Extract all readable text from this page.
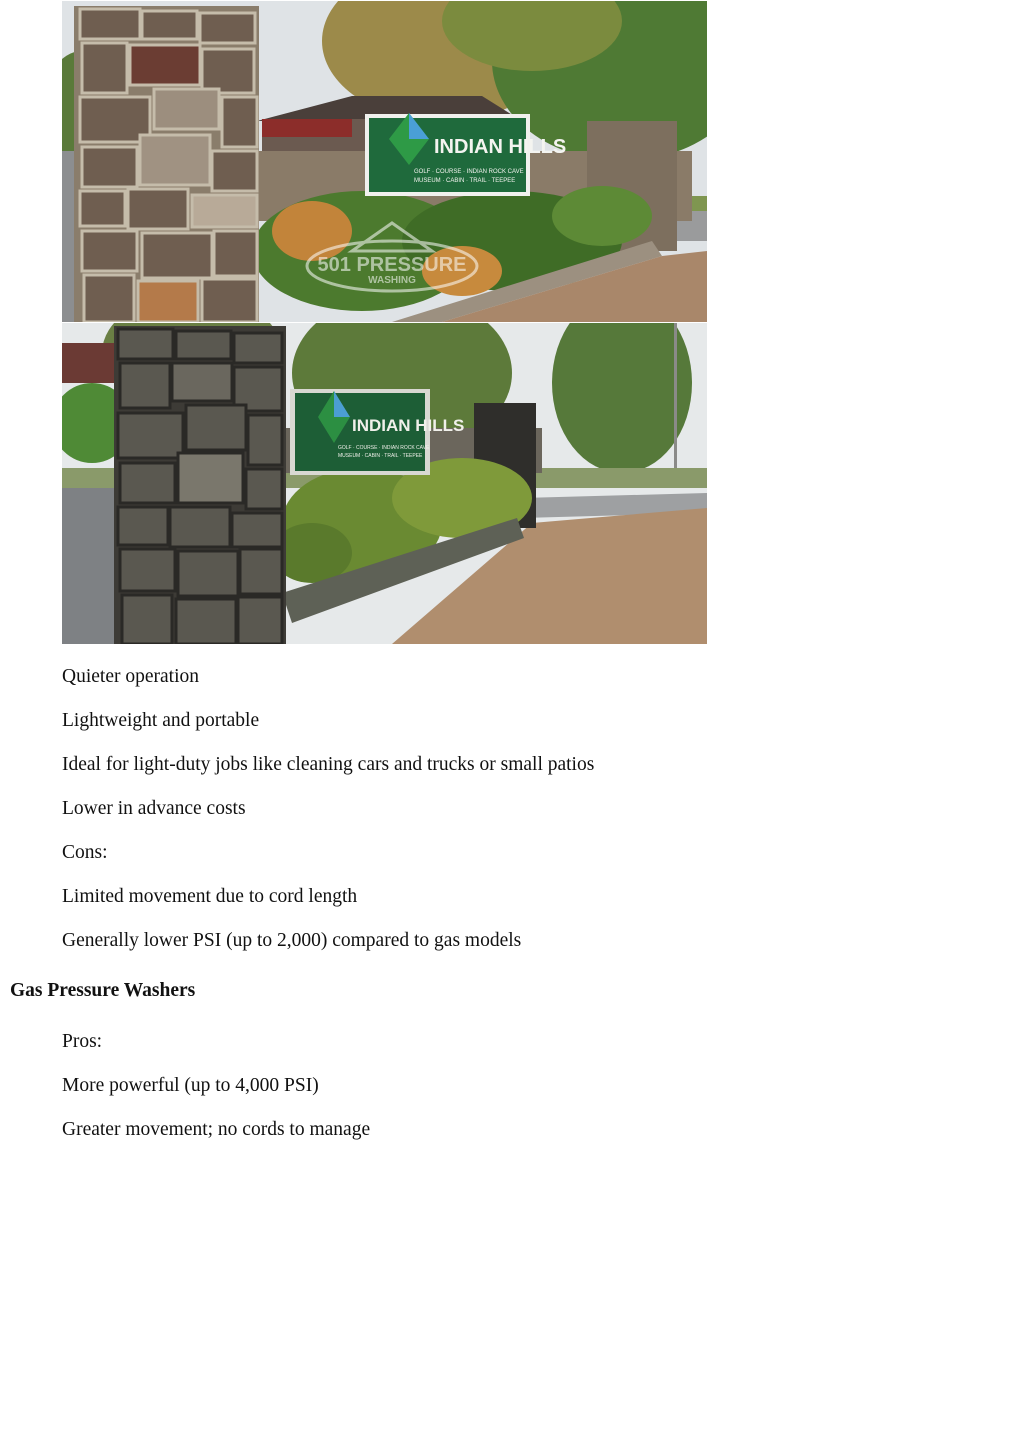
INDIAN HILLS
GOLF · COURSE · INDIAN ROCK CAVE
MUSEUM · CABIN · TRAIL · TEEPEE
501 PRESSURE
WASHING
INDIAN HILLS
GOLF · COURSE · INDIAN ROCK CAVE
MUSEUM · CABIN · TRAIL · TEEPEE
Quieter operation
Lightweight and portable
Ideal for light-duty jobs like cleaning cars and trucks or small patios
Lower in advance costs
Cons:
Limited movement due to cord length
Generally lower PSI (up to 2,000) compared to gas models
Gas Pressure Washers
Pros:
More powerful (up to 4,000 PSI)
Greater movement; no cords to manage
